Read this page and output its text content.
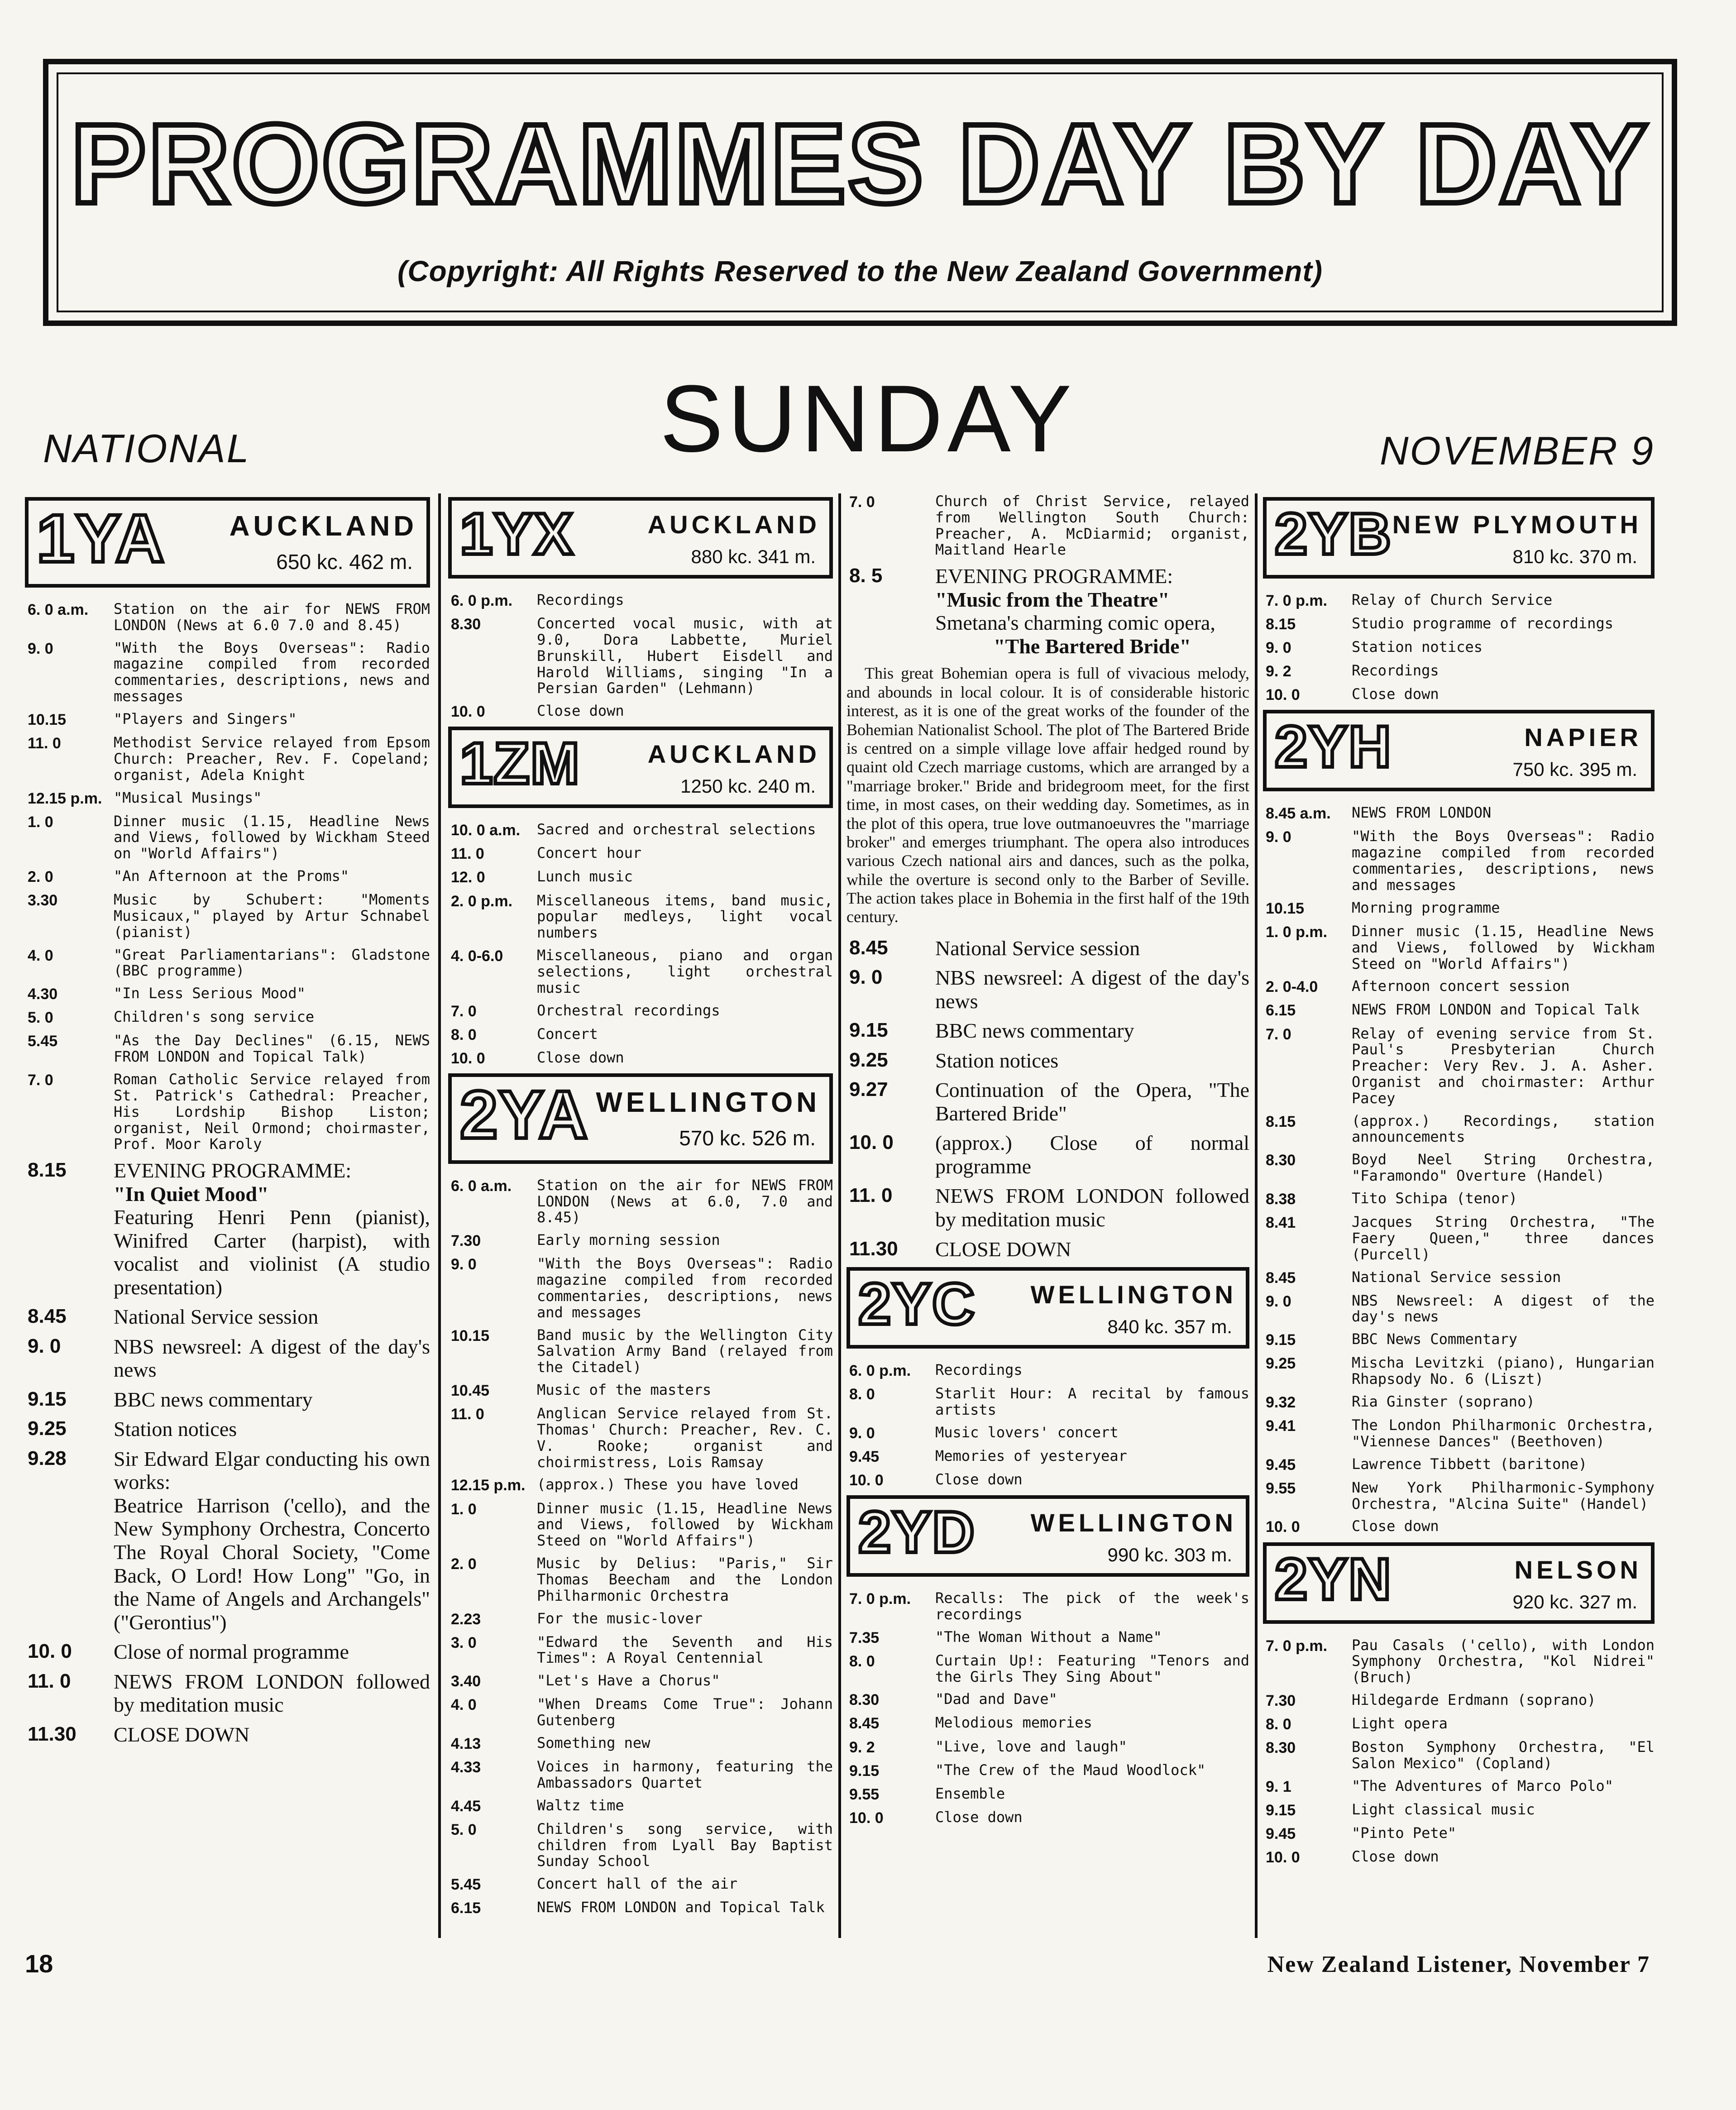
PROGRAMMES DAY BY DAY
(Copyright: All Rights Reserved to the New Zealand Government)
SUNDAY
NATIONAL	NOVEMBER 9
1YA	AUCKLAND
650 kc. 462 m.
6. 0 a.m.	Station on the air for NEWS FROM LONDON (News at 6.0 7.0 and 8.45)
9. 0	"With the Boys Overseas": Radio magazine compiled from recorded commentaries, descriptions, news and messages
10.15	"Players and Singers"
11. 0	Methodist Service relayed from Epsom Church: Preacher, Rev. F. Copeland; organist, Adela Knight
12.15 p.m. "Musical Musings"
1. 0	Dinner music (1.15, Headline News and Views, followed by Wickham Steed on "World Affairs")
2. 0	"An Afternoon at the Proms"
3.30	Music by Schubert: "Moments Musicaux," played by Artur Schnabel (pianist)
4. 0	"Great Parliamentarians": Gladstone (BBC programme)
4.30	"In Less Serious Mood"
5. 0	Children's song service
5.45	"As the Day Declines" (6.15, NEWS FROM LONDON and Topical Talk)
7. 0	Roman Catholic Service relayed from St. Patrick's Cathedral: Preacher, His Lordship Bishop Liston; organist, Neil Ormond; choirmaster, Prof. Moor Karoly
8.15	EVENING PROGRAMME:
"In Quiet Mood"
Featuring Henri Penn (pianist), Winifred Carter (harpist), with vocalist and violinist (A studio presentation)
8.45	National Service session
9. 0	NBS newsreel: A digest of the day's news
9.15	BBC news commentary
9.25	Station notices
9.28	Sir Edward Elgar conducting his own works:
Beatrice Harrison ('cello), and the New Symphony Orchestra, Concerto The Royal Choral Society, "Come Back, O Lord! How Long" "Go, in the Name of Angels and Archangels" ("Gerontius")
10. 0	Close of normal programme
11. 0	NEWS FROM LONDON followed by meditation music
11.30	CLOSE DOWN
1YX	AUCKLAND
880 kc. 341 m.
6. 0 p.m.	Recordings
8.30	Concerted vocal music, with at 9.0, Dora Labbette, Muriel Brunskill, Hubert Eisdell and Harold Williams, singing "In a Persian Garden" (Lehmann)
10. 0	Close down
1ZM	AUCKLAND
1250 kc. 240 m.
10. 0 a.m.	Sacred and orchestral selections
11. 0	Concert hour
12. 0	Lunch music
2. 0 p.m.	Miscellaneous items, band music, popular medleys, light vocal numbers
4. 0-6.0	Miscellaneous, piano and organ selections, light orchestral music
7. 0	Orchestral recordings
8. 0	Concert
10. 0	Close down
2YA WELLINGTON
570 kc. 526 m.
6. 0 a.m.	Station on the air for NEWS FROM LONDON (News at 6.0, 7.0 and 8.45)
7.30	Early morning session
9. 0	"With the Boys Overseas": Radio magazine compiled from recorded commentaries, descriptions, news and messages
10.15	Band music by the Wellington City Salvation Army Band (relayed from the Citadel)
10.45	Music of the masters
11. 0	Anglican Service relayed from St. Thomas' Church: Preacher, Rev. C. V. Rooke; organist and choirmistress, Lois Ramsay
12.15 p.m. (approx.) These you have loved
1. 0	Dinner music (1.15, Headline News and Views, followed by Wickham Steed on "World Affairs")
2. 0	Music by Delius: "Paris," Sir Thomas Beecham and the London Philharmonic Orchestra
2.23	For the music-lover
3. 0	"Edward the Seventh and His Times": A Royal Centennial
3.40	"Let's Have a Chorus"
4. 0	"When Dreams Come True": Johann Gutenberg
4.13	Something new
4.33	Voices in harmony, featuring the Ambassadors Quartet
4.45	Waltz time
5. 0	Children's song service, with children from Lyall Bay Baptist Sunday School
5.45	Concert hall of the air
6.15	NEWS FROM LONDON and Topical Talk
7. 0	Church of Christ Service, relayed from Wellington South Church: Preacher, A. McDiarmid; organist, Maitland Hearle
8. 5	EVENING PROGRAMME:
"Music from the Theatre"
Smetana's charming comic opera,
"The Bartered Bride"
This great Bohemian opera is full of vivacious melody, and abounds in local colour. It is of considerable historic interest, as it is one of the great works of the founder of the Bohemian Nationalist School. The plot of The Bartered Bride is centred on a simple village love affair hedged round by quaint old Czech marriage customs, which are arranged by a "marriage broker." Bride and bridegroom meet, for the first time, in most cases, on their wedding day. Sometimes, as in the plot of this opera, true love outmanoeuvres the "marriage broker" and emerges triumphant. The opera also introduces various Czech national airs and dances, such as the polka, while the overture is second only to the Barber of Seville. The action takes place in Bohemia in the first half of the 19th century.
8.45	National Service session
9. 0	NBS newsreel: A digest of the day's news
9.15	BBC news commentary
9.25	Station notices
9.27	Continuation of the Opera, "The Bartered Bride"
10. 0	(approx.) Close of normal programme
11. 0	NEWS FROM LONDON followed by meditation music
11.30	CLOSE DOWN
2YC	WELLINGTON
840 kc. 357 m.
6. 0 p.m.	Recordings
8. 0	Starlit Hour: A recital by famous artists
9. 0	Music lovers' concert
9.45	Memories of yesteryear
10. 0	Close down
2YD	WELLINGTON
990 kc. 303 m.
7. 0 p.m.	Recalls: The pick of the week's recordings
7.35	"The Woman Without a Name"
8. 0	Curtain Up!: Featuring "Tenors and the Girls They Sing About"
8.30	"Dad and Dave"
8.45	Melodious memories
9. 2	"Live, love and laugh"
9.15	"The Crew of the Maud Woodlock"
9.55	Ensemble
10. 0	Close down
2YB NEW PLYMOUTH
810 kc. 370 m.
7. 0 p.m.	Relay of Church Service
8.15	Studio programme of recordings
9. 0	Station notices
9. 2	Recordings
10. 0	Close down
2YH	NAPIER
750 kc. 395 m.
8.45 a.m.	NEWS FROM LONDON
9. 0	"With the Boys Overseas": Radio magazine compiled from recorded commentaries, descriptions, news and messages
10.15	Morning programme
1. 0 p.m.	Dinner music (1.15, Headline News and Views, followed by Wickham Steed on "World Affairs")
2. 0-4.0	Afternoon concert session
6.15	NEWS FROM LONDON and Topical Talk
7. 0	Relay of evening service from St. Paul's Presbyterian Church Preacher: Very Rev. J. A. Asher. Organist and choirmaster: Arthur Pacey
8.15	(approx.) Recordings, station announcements
8.30	Boyd Neel String Orchestra, "Faramondo" Overture (Handel)
8.38	Tito Schipa (tenor)
8.41	Jacques String Orchestra, "The Faery Queen," three dances (Purcell)
8.45	National Service session
9. 0	NBS Newsreel: A digest of the day's news
9.15	BBC News Commentary
9.25	Mischa Levitzki (piano), Hungarian Rhapsody No. 6 (Liszt)
9.32	Ria Ginster (soprano)
9.41	The London Philharmonic Orchestra, "Viennese Dances" (Beethoven)
9.45	Lawrence Tibbett (baritone)
9.55	New York Philharmonic-Symphony Orchestra, "Alcina Suite" (Handel)
10. 0	Close down
2YN	NELSON
920 kc. 327 m.
7. 0 p.m.	Pau Casals ('cello), with London Symphony Orchestra, "Kol Nidrei" (Bruch)
7.30	Hildegarde Erdmann (soprano)
8. 0	Light opera
8.30	Boston Symphony Orchestra, "El Salon Mexico" (Copland)
9. 1	"The Adventures of Marco Polo"
9.15	Light classical music
9.45	"Pinto Pete"
10. 0	Close down
18	New Zealand Listener, November 7
